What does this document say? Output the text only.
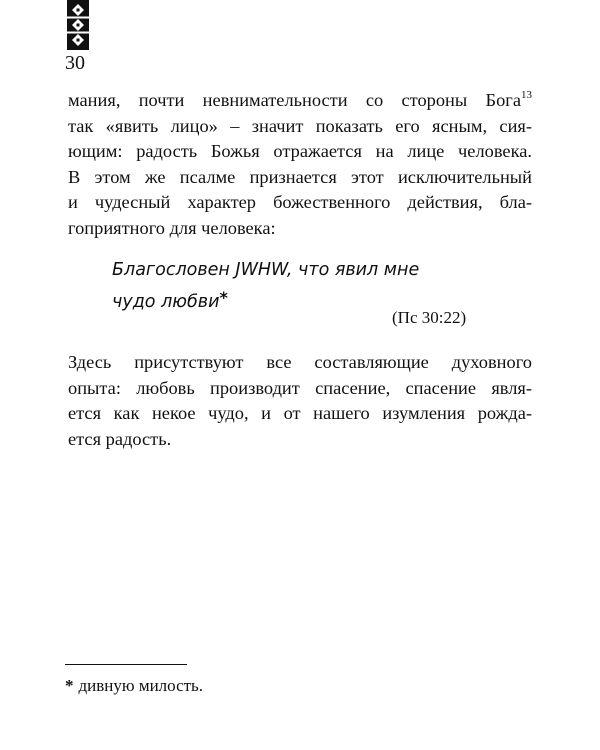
30
мания, почти невнимательности со стороны Бога$^{13}$
так «явить лицо» – значит показать его ясным, сия-
ющим: радость Божья отражается на лице человека.
В этом же псалме признается этот исключительный
и чудесный характер божественного действия, бла-
гоприятного для человека:
Благословен JWHW, что явил мне
чудо любви*
(Пс 30:22)
Здесь присутствуют все составляющие духовного
опыта: любовь производит спасение, спасение явля-
ется как некое чудо, и от нашего изумления рожда-
ется радость.
* дивную милость.
